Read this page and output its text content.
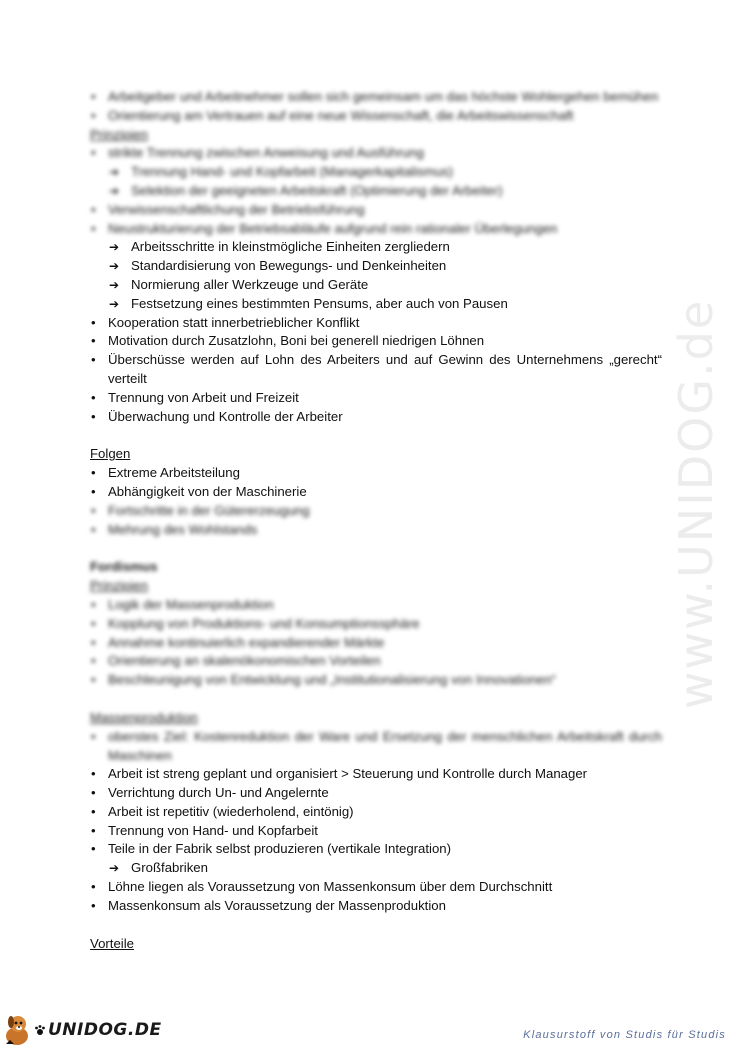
www.UNIDOG.de
• Arbeitgeber und Arbeitnehmer sollen sich gemeinsam um das höchste Wohlergehen bemühen
• Orientierung am Vertrauen auf eine neue Wissenschaft, die Arbeitswissenschaft
Prinzipien
• strikte Trennung zwischen Anweisung und Ausführung
➔ Trennung Hand- und Kopfarbeit (Managerkapitalismus)
➔ Selektion der geeigneten Arbeitskraft (Optimierung der Arbeiter)
• Verwissenschaftlichung der Betriebsführung
• Neustrukturierung der Betriebsabläufe aufgrund rein rationaler Überlegungen
➔ Arbeitsschritte in kleinstmögliche Einheiten zergliedern
➔ Standardisierung von Bewegungs- und Denkeinheiten
➔ Normierung aller Werkzeuge und Geräte
➔ Festsetzung eines bestimmten Pensums, aber auch von Pausen
• Kooperation statt innerbetrieblicher Konflikt
• Motivation durch Zusatzlohn, Boni bei generell niedrigen Löhnen
• Überschüsse werden auf Lohn des Arbeiters und auf Gewinn des Unternehmens „gerecht“ verteilt
• Trennung von Arbeit und Freizeit
• Überwachung und Kontrolle der Arbeiter
Folgen
• Extreme Arbeitsteilung
• Abhängigkeit von der Maschinerie
• Fortschritte in der Gütererzeugung
• Mehrung des Wohlstands
Fordismus
Prinzipien
• Logik der Massenproduktion
• Kopplung von Produktions- und Konsumptionssphäre
• Annahme kontinuierlich expandierender Märkte
• Orientierung an skalenökonomischen Vorteilen
• Beschleunigung von Entwicklung und „Institutionalisierung von Innovationen“
Massenproduktion
• oberstes Ziel: Kostenreduktion der Ware und Ersetzung der menschlichen Arbeitskraft durch Maschinen
• Arbeit ist streng geplant und organisiert > Steuerung und Kontrolle durch Manager
• Verrichtung durch Un- und Angelernte
• Arbeit ist repetitiv (wiederholend, eintönig)
• Trennung von Hand- und Kopfarbeit
• Teile in der Fabrik selbst produzieren (vertikale Integration)
➔ Großfabriken
• Löhne liegen als Voraussetzung von Massenkonsum über dem Durchschnitt
• Massenkonsum als Voraussetzung der Massenproduktion
Vorteile
UNIDOG.DE	Klausurstoff von Studis für Studis
